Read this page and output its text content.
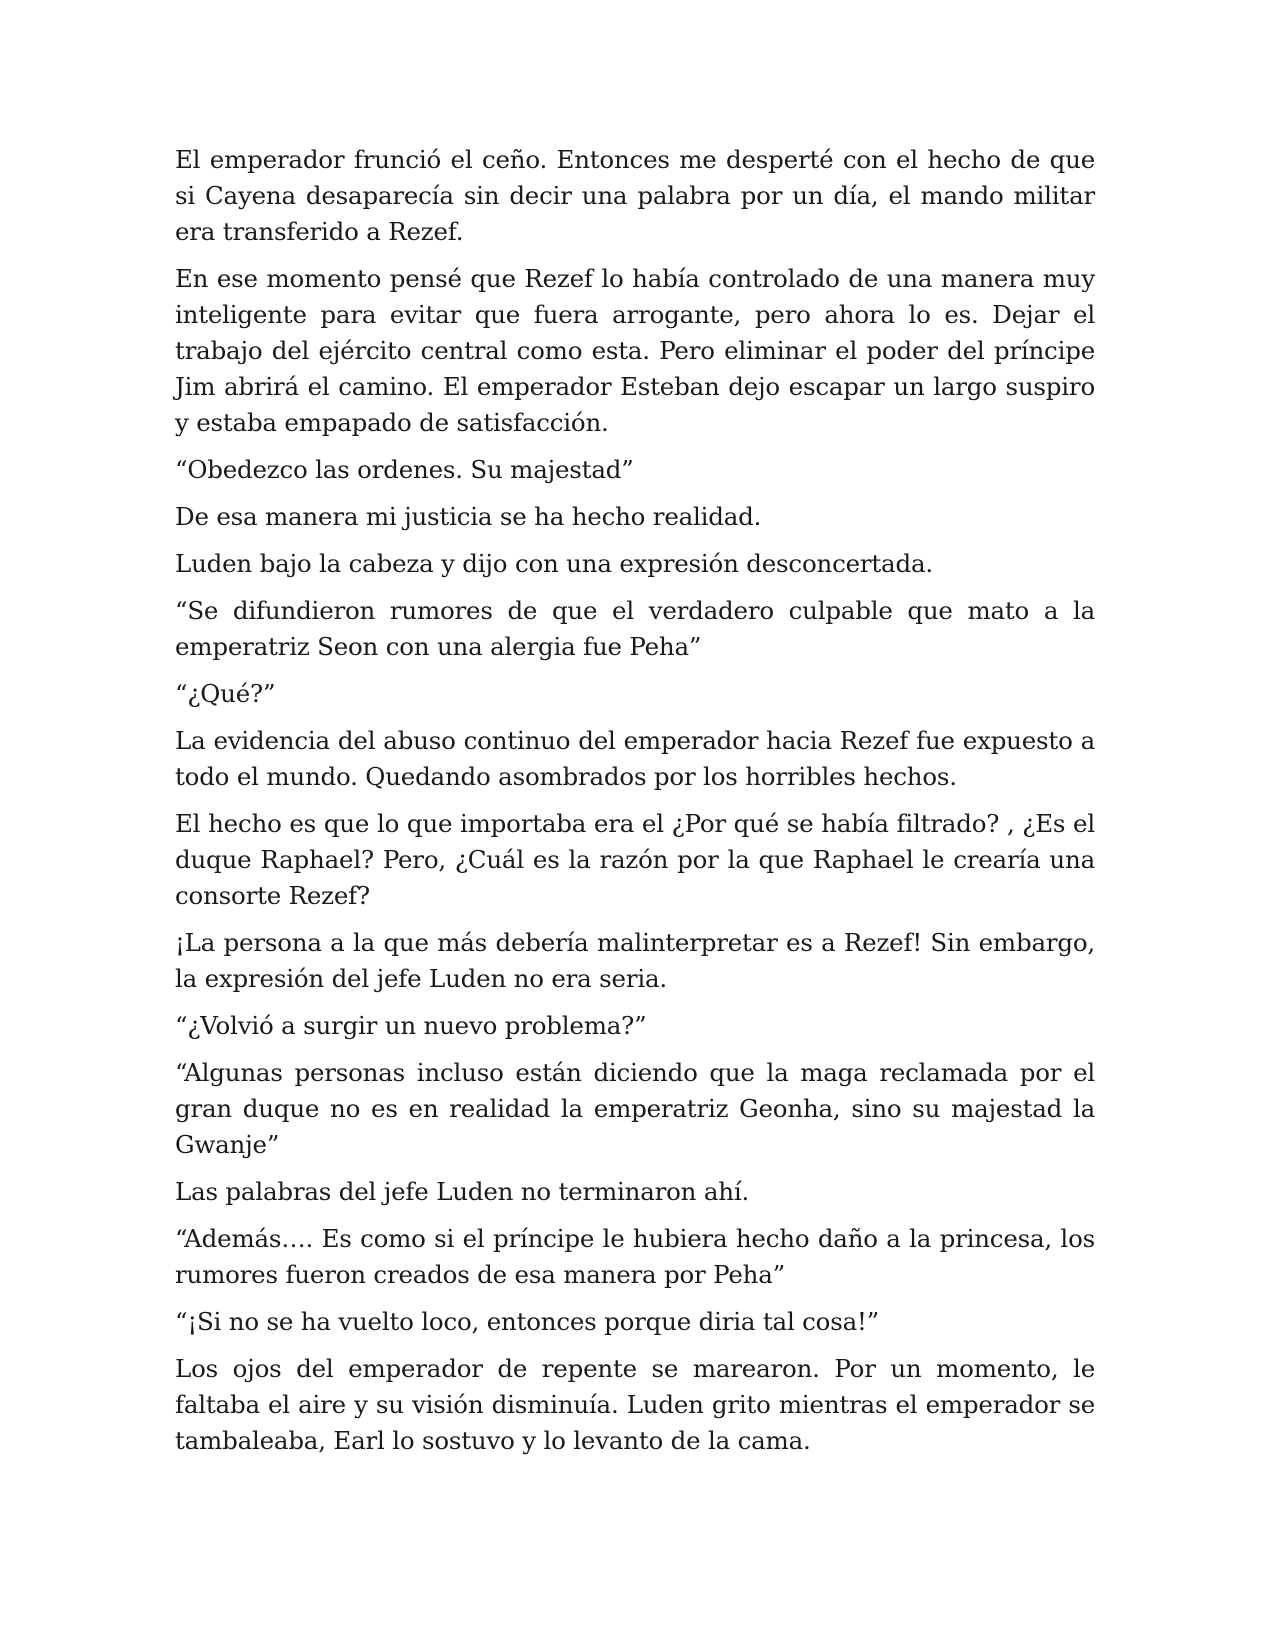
El emperador frunció el ceño. Entonces me desperté con el hecho de que si Cayena desaparecía sin decir una palabra por un día, el mando militar era transferido a Rezef.

En ese momento pensé que Rezef lo había controlado de una manera muy inteligente para evitar que fuera arrogante, pero ahora lo es. Dejar el trabajo del ejército central como esta. Pero eliminar el poder del príncipe Jim abrirá el camino. El emperador Esteban dejo escapar un largo suspiro y estaba empapado de satisfacción.

“Obedezco las ordenes. Su majestad”

De esa manera mi justicia se ha hecho realidad.

Luden bajo la cabeza y dijo con una expresión desconcertada.

“Se difundieron rumores de que el verdadero culpable que mato a la emperatriz Seon con una alergia fue Peha”

“¿Qué?”

La evidencia del abuso continuo del emperador hacia Rezef fue expuesto a todo el mundo. Quedando asombrados por los horribles hechos.

El hecho es que lo que importaba era el ¿Por qué se había filtrado? , ¿Es el duque Raphael? Pero, ¿Cuál es la razón por la que Raphael le crearía una consorte Rezef?

¡La persona a la que más debería malinterpretar es a Rezef! Sin embargo, la expresión del jefe Luden no era seria.

“¿Volvió a surgir un nuevo problema?”

“Algunas personas incluso están diciendo que la maga reclamada por el gran duque no es en realidad la emperatriz Geonha, sino su majestad la Gwanje”

Las palabras del jefe Luden no terminaron ahí.

“Además…. Es como si el príncipe le hubiera hecho daño a la princesa, los rumores fueron creados de esa manera por Peha”

“¡Si no se ha vuelto loco, entonces porque diria tal cosa!”

Los ojos del emperador de repente se marearon. Por un momento, le faltaba el aire y su visión disminuía. Luden grito mientras el emperador se tambaleaba, Earl lo sostuvo y lo levanto de la cama.
